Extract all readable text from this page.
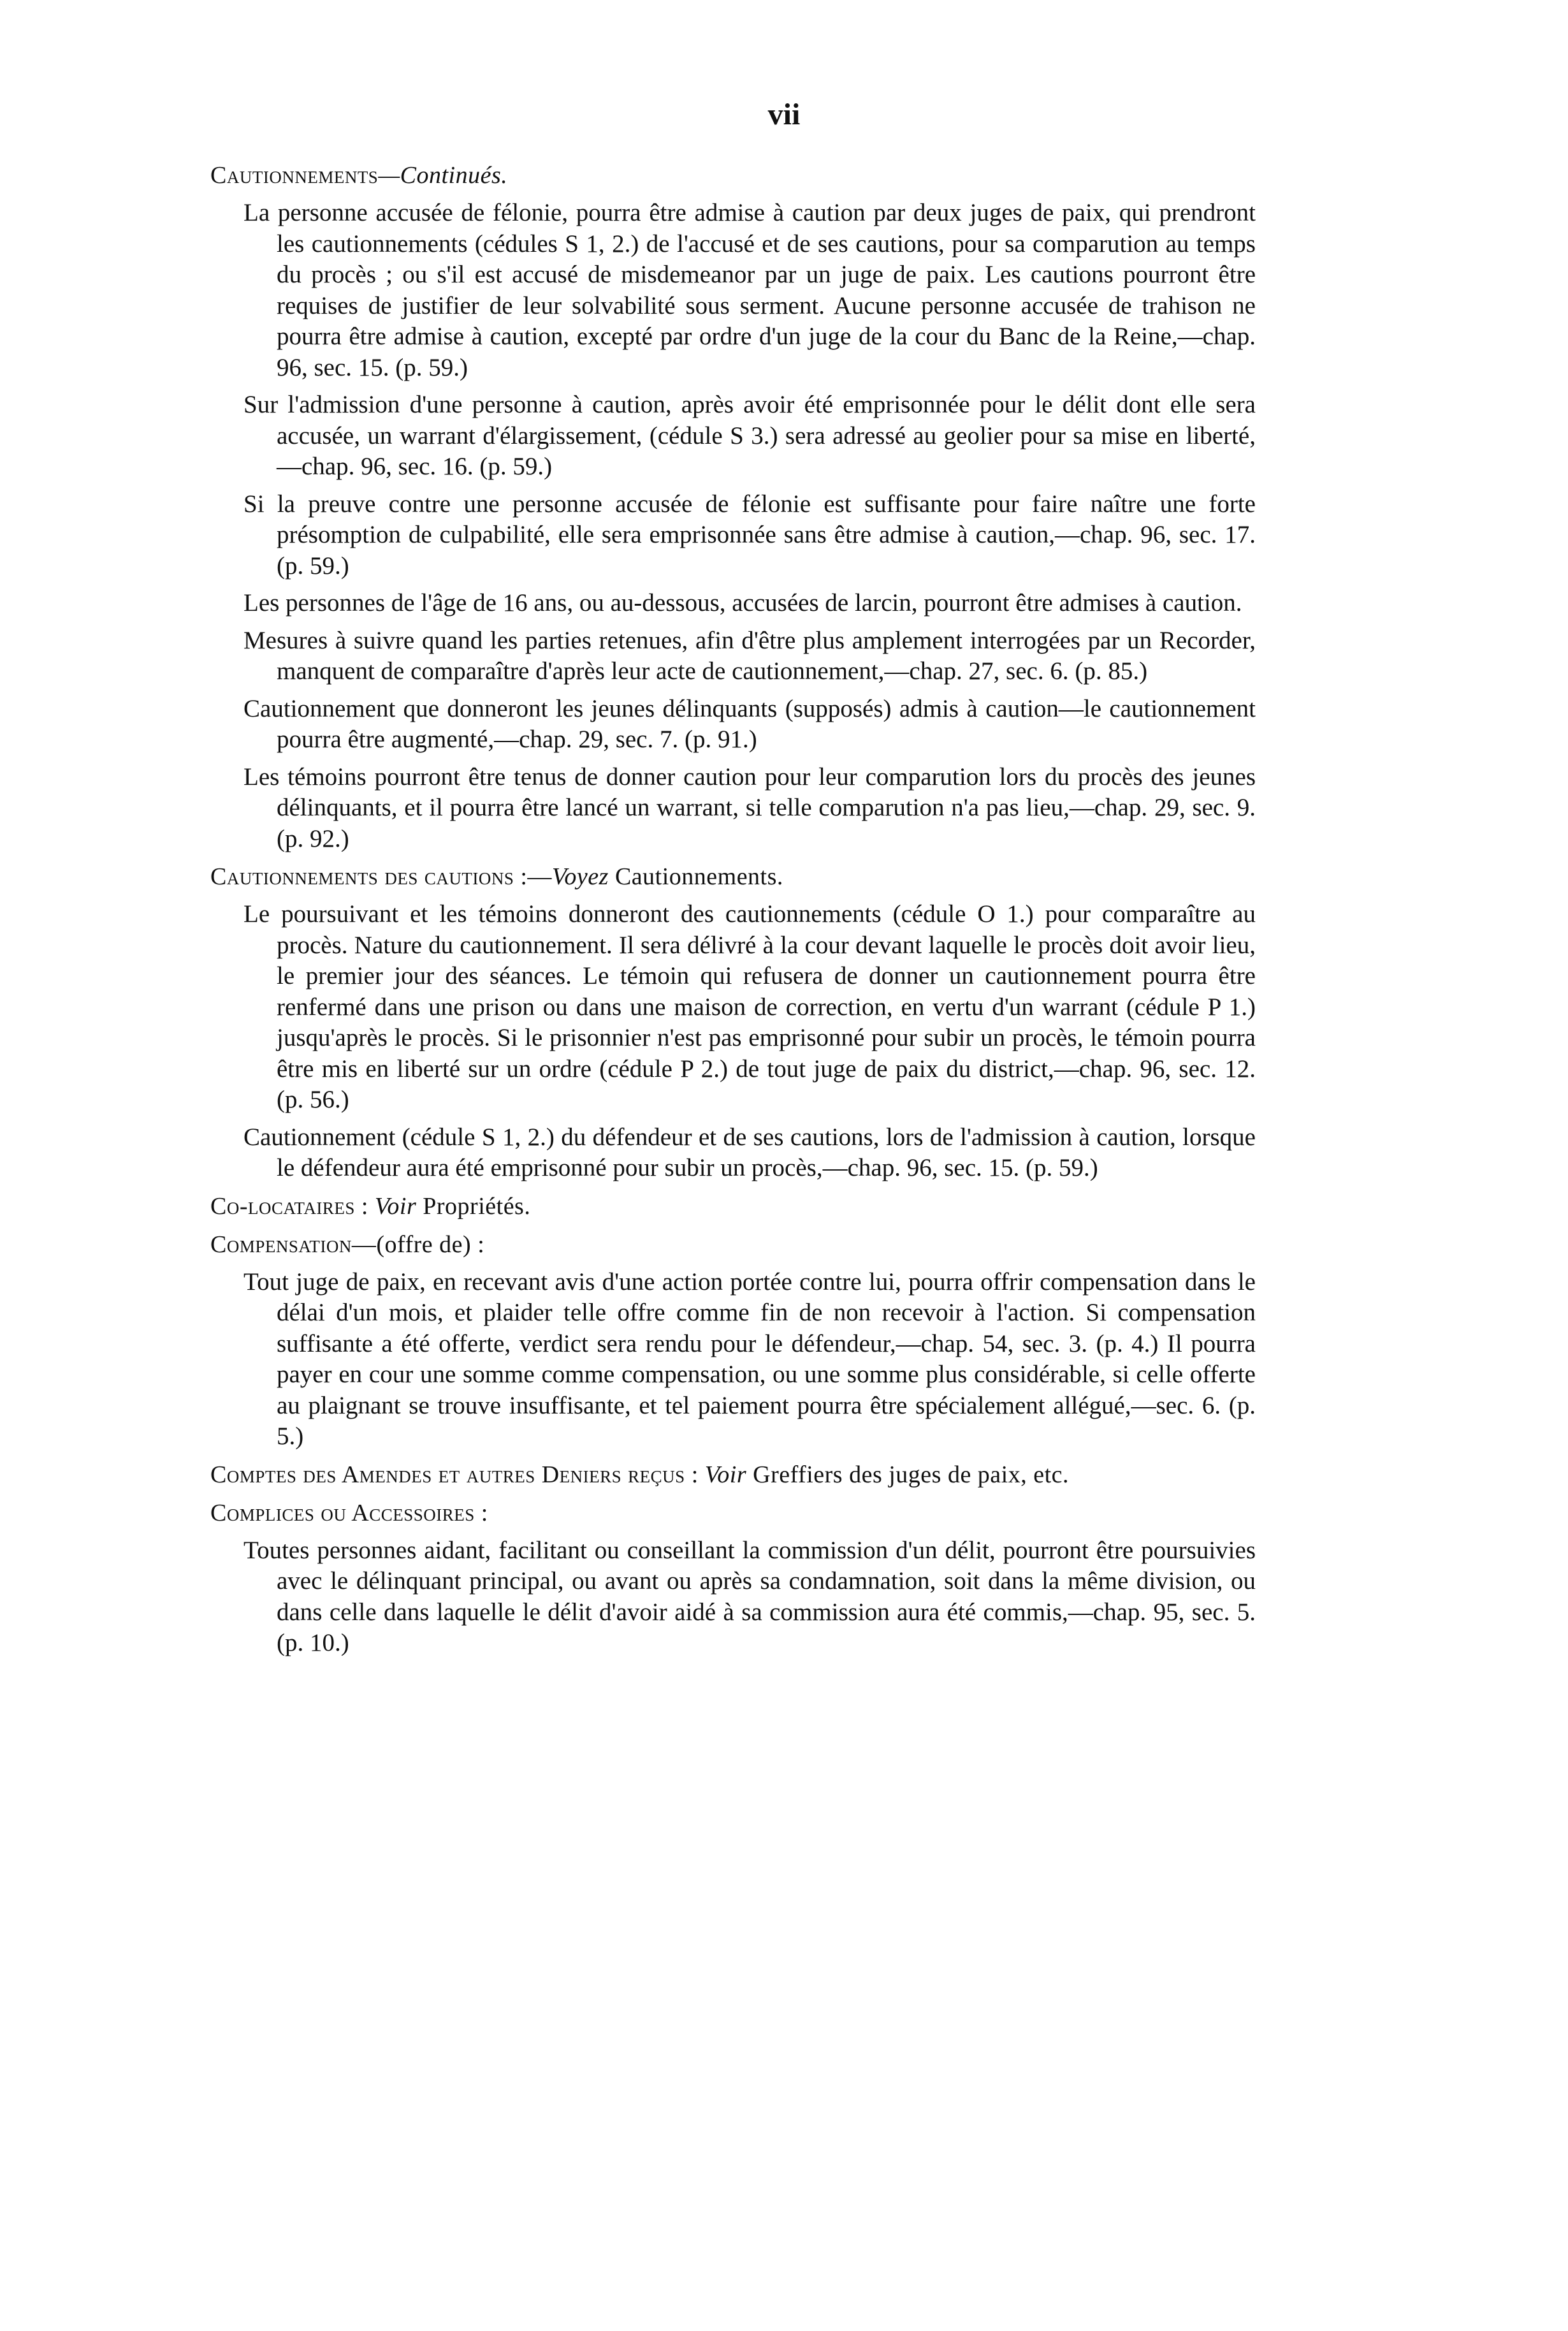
vii
Cautionnements—Continués.
La personne accusée de félonie, pourra être admise à caution par deux juges de paix, qui prendront les cautionnements (cédules S 1, 2.) de l'accusé et de ses cautions, pour sa comparution au temps du procès ; ou s'il est accusé de misdemeanor par un juge de paix. Les cautions pourront être requises de justifier de leur solvabilité sous serment. Aucune personne accusée de trahison ne pourra être admise à caution, excepté par ordre d'un juge de la cour du Banc de la Reine,—chap. 96, sec. 15. (p. 59.)
Sur l'admission d'une personne à caution, après avoir été emprisonnée pour le délit dont elle sera accusée, un warrant d'élargissement, (cédule S 3.) sera adressé au geolier pour sa mise en liberté,—chap. 96, sec. 16. (p. 59.)
Si la preuve contre une personne accusée de félonie est suffisante pour faire naître une forte présomption de culpabilité, elle sera emprisonnée sans être admise à caution,—chap. 96, sec. 17. (p. 59.)
Les personnes de l'âge de 16 ans, ou au-dessous, accusées de larcin, pourront être admises à caution.
Mesures à suivre quand les parties retenues, afin d'être plus amplement interrogées par un Recorder, manquent de comparaître d'après leur acte de cautionnement,—chap. 27, sec. 6. (p. 85.)
Cautionnement que donneront les jeunes délinquants (supposés) admis à caution—le cautionnement pourra être augmenté,—chap. 29, sec. 7. (p. 91.)
Les témoins pourront être tenus de donner caution pour leur comparution lors du procès des jeunes délinquants, et il pourra être lancé un warrant, si telle comparution n'a pas lieu,—chap. 29, sec. 9. (p. 92.)
Cautionnements des cautions :—Voyez Cautionnements.
Le poursuivant et les témoins donneront des cautionnements (cédule O 1.) pour comparaître au procès. Nature du cautionnement. Il sera délivré à la cour devant laquelle le procès doit avoir lieu, le premier jour des séances. Le témoin qui refusera de donner un cautionnement pourra être renfermé dans une prison ou dans une maison de correction, en vertu d'un warrant (cédule P 1.) jusqu'après le procès. Si le prisonnier n'est pas emprisonné pour subir un procès, le témoin pourra être mis en liberté sur un ordre (cédule P 2.) de tout juge de paix du district,—chap. 96, sec. 12. (p. 56.)
Cautionnement (cédule S 1, 2.) du défendeur et de ses cautions, lors de l'admission à caution, lorsque le défendeur aura été emprisonné pour subir un procès,—chap. 96, sec. 15. (p. 59.)
Co-locataires : Voir Propriétés.
Compensation—(offre de) :
Tout juge de paix, en recevant avis d'une action portée contre lui, pourra offrir compensation dans le délai d'un mois, et plaider telle offre comme fin de non recevoir à l'action. Si compensation suffisante a été offerte, verdict sera rendu pour le défendeur,—chap. 54, sec. 3. (p. 4.) Il pourra payer en cour une somme comme compensation, ou une somme plus considérable, si celle offerte au plaignant se trouve insuffisante, et tel paiement pourra être spécialement allégué,—sec. 6. (p. 5.)
Comptes des Amendes et autres Deniers reçus : Voir Greffiers des juges de paix, etc.
Complices ou Accessoires :
Toutes personnes aidant, facilitant ou conseillant la commission d'un délit, pourront être poursuivies avec le délinquant principal, ou avant ou après sa condamnation, soit dans la même division, ou dans celle dans laquelle le délit d'avoir aidé à sa commission aura été commis,—chap. 95, sec. 5. (p. 10.)
